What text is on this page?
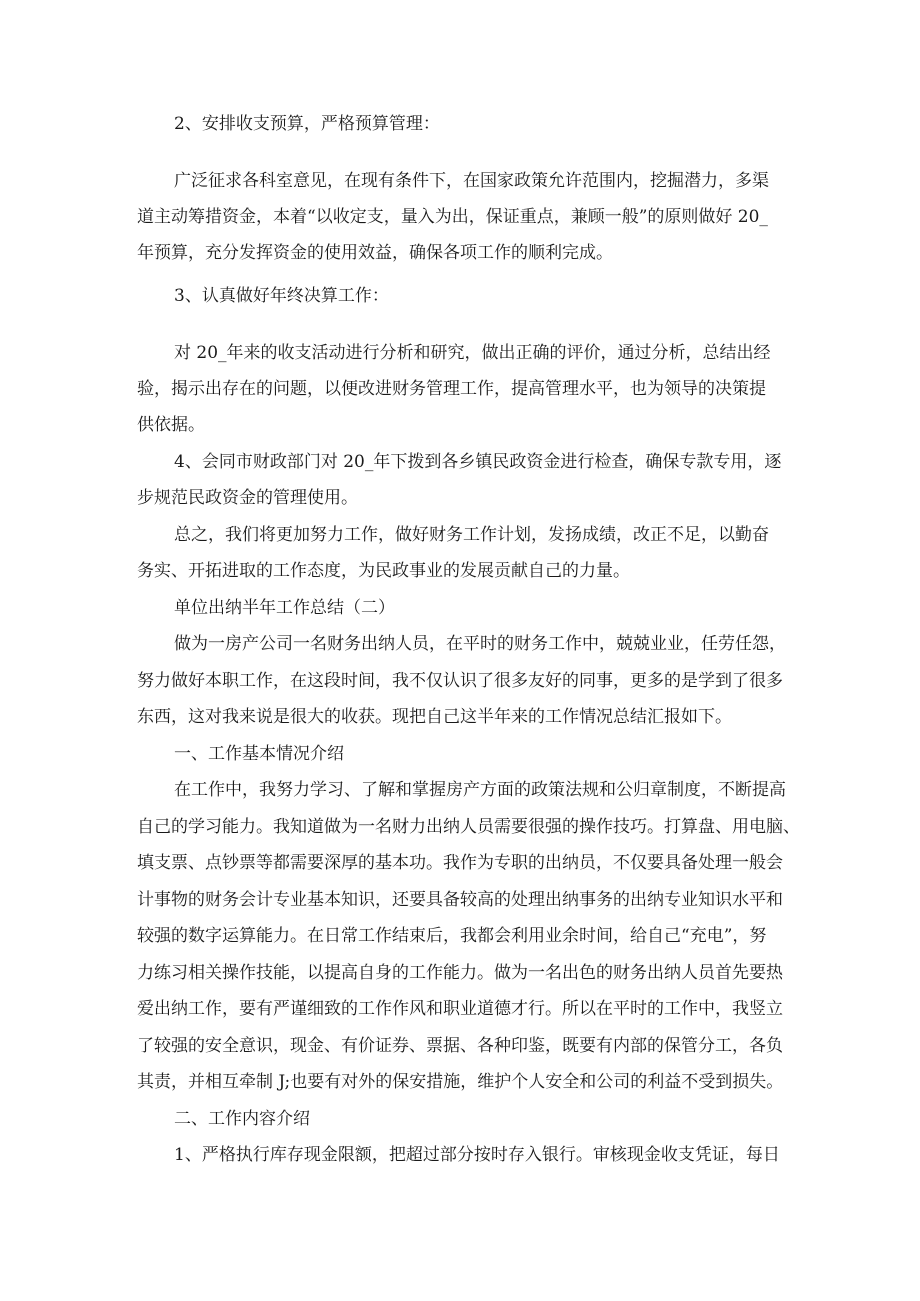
2、安排收支预算，严格预算管理：

广泛征求各科室意见，在现有条件下，在国家政策允许范围内，挖掘潜力，多渠

道主动筹措资金，本着“以收定支，量入为出，保证重点，兼顾一般”的原则做好 20_

年预算，充分发挥资金的使用效益，确保各项工作的顺利完成。

3、认真做好年终决算工作：

对 20_年来的收支活动进行分析和研究，做出正确的评价，通过分析，总结出经

验，揭示出存在的问题，以便改进财务管理工作，提高管理水平，也为领导的决策提

供依据。

4、会同市财政部门对 20_年下拨到各乡镇民政资金进行检查，确保专款专用，逐

步规范民政资金的管理使用。

总之，我们将更加努力工作，做好财务工作计划，发扬成绩，改正不足，以勤奋

务实、开拓进取的工作态度，为民政事业的发展贡献自己的力量。

单位出纳半年工作总结（二）

做为一房产公司一名财务出纳人员，在平时的财务工作中，兢兢业业，任劳任怨，

努力做好本职工作，在这段时间，我不仅认识了很多友好的同事，更多的是学到了很多

东西，这对我来说是很大的收获。现把自己这半年来的工作情况总结汇报如下。

一、工作基本情况介绍

在工作中，我努力学习、了解和掌握房产方面的政策法规和公归章制度，不断提高

自己的学习能力。我知道做为一名财力出纳人员需要很强的操作技巧。打算盘、用电脑、

填支票、点钞票等都需要深厚的基本功。我作为专职的出纳员，不仅要具备处理一般会

计事物的财务会计专业基本知识，还要具备较高的处理出纳事务的出纳专业知识水平和

较强的数字运算能力。在日常工作结束后，我都会利用业余时间，给自己“充电”，努

力练习相关操作技能，以提高自身的工作能力。做为一名出色的财务出纳人员首先要热

爱出纳工作，要有严谨细致的工作作风和职业道德才行。所以在平时的工作中，我竖立

了较强的安全意识，现金、有价证券、票据、各种印鉴，既要有内部的保管分工，各负

其责，并相互牵制 J;也要有对外的保安措施，维护个人安全和公司的利益不受到损失。

二、工作内容介绍

1、严格执行库存现金限额，把超过部分按时存入银行。审核现金收支凭证，每日
